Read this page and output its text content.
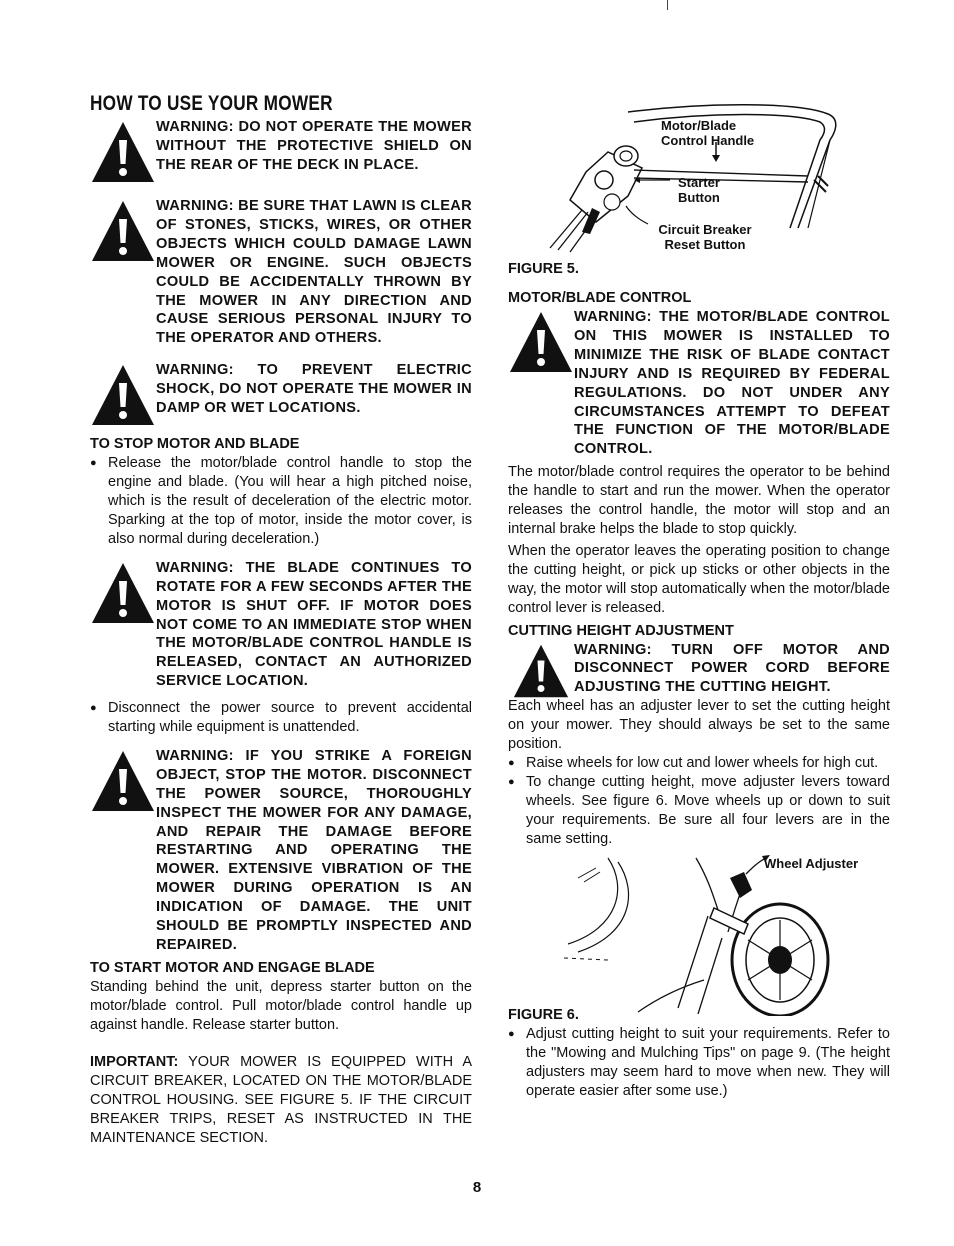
HOW TO USE YOUR MOWER
WARNING: DO NOT OPERATE THE MOWER WITHOUT THE PROTECTIVE SHIELD ON THE REAR OF THE DECK IN PLACE.
WARNING: BE SURE THAT LAWN IS CLEAR OF STONES, STICKS, WIRES, OR OTHER OBJECTS WHICH COULD DAMAGE LAWN MOWER OR ENGINE. SUCH OBJECTS COULD BE ACCIDENTALLY THROWN BY THE MOWER IN ANY DIRECTION AND CAUSE SERIOUS PERSONAL INJURY TO THE OPERATOR AND OTHERS.
WARNING: TO PREVENT ELECTRIC SHOCK, DO NOT OPERATE THE MOWER IN DAMP OR WET LOCATIONS.
TO STOP MOTOR AND BLADE
● Release the motor/blade control handle to stop the engine and blade. (You will hear a high pitched noise, which is the result of deceleration of the electric motor. Sparking at the top of motor, inside the motor cover, is also normal during deceleration.)
WARNING: THE BLADE CONTINUES TO ROTATE FOR A FEW SECONDS AFTER THE MOTOR IS SHUT OFF. IF MOTOR DOES NOT COME TO AN IMMEDIATE STOP WHEN THE MOTOR/BLADE CONTROL HANDLE IS RELEASED, CONTACT AN AUTHORIZED SERVICE LOCATION.
● Disconnect the power source to prevent accidental starting while equipment is unattended.
WARNING: IF YOU STRIKE A FOREIGN OBJECT, STOP THE MOTOR. DISCONNECT THE POWER SOURCE, THOROUGHLY INSPECT THE MOWER FOR ANY DAMAGE, AND REPAIR THE DAMAGE BEFORE RESTARTING AND OPERATING THE MOWER. EXTENSIVE VIBRATION OF THE MOWER DURING OPERATION IS AN INDICATION OF DAMAGE. THE UNIT SHOULD BE PROMPTLY INSPECTED AND REPAIRED.
TO START MOTOR AND ENGAGE BLADE

Standing behind the unit, depress starter button on the motor/blade control. Pull motor/blade control handle up against handle. Release starter button.

IMPORTANT: YOUR MOWER IS EQUIPPED WITH A CIRCUIT BREAKER, LOCATED ON THE MOTOR/BLADE CONTROL HOUSING. SEE FIGURE 5. IF THE CIRCUIT BREAKER TRIPS, RESET AS INSTRUCTED IN THE MAINTENANCE SECTION.
Motor/Blade Control Handle
Starter Button
Circuit Breaker Reset Button
FIGURE 5.
MOTOR/BLADE CONTROL
WARNING: THE MOTOR/BLADE CONTROL ON THIS MOWER IS INSTALLED TO MINIMIZE THE RISK OF BLADE CONTACT INJURY AND IS REQUIRED BY FEDERAL REGULATIONS. DO NOT UNDER ANY CIRCUMSTANCES ATTEMPT TO DEFEAT THE FUNCTION OF THE MOTOR/BLADE CONTROL.

The motor/blade control requires the operator to be behind the handle to start and run the mower. When the operator releases the control handle, the motor will stop and an internal brake helps the blade to stop quickly.

When the operator leaves the operating position to change the cutting height, or pick up sticks or other objects in the way, the motor will stop automatically when the motor/blade control lever is released.

CUTTING HEIGHT ADJUSTMENT
WARNING: TURN OFF MOTOR AND DISCONNECT POWER CORD BEFORE ADJUSTING THE CUTTING HEIGHT.

Each wheel has an adjuster lever to set the cutting height on your mower. They should always be set to the same position.

● Raise wheels for low cut and lower wheels for high cut.
● To change cutting height, move adjuster levers toward wheels. See figure 6. Move wheels up or down to suit your requirements. Be sure all four levers are in the same setting.
Wheel Adjuster
FIGURE 6.
● Adjust cutting height to suit your requirements. Refer to the "Mowing and Mulching Tips" on page 9. (The height adjusters may seem hard to move when new. They will operate easier after some use.)
8
